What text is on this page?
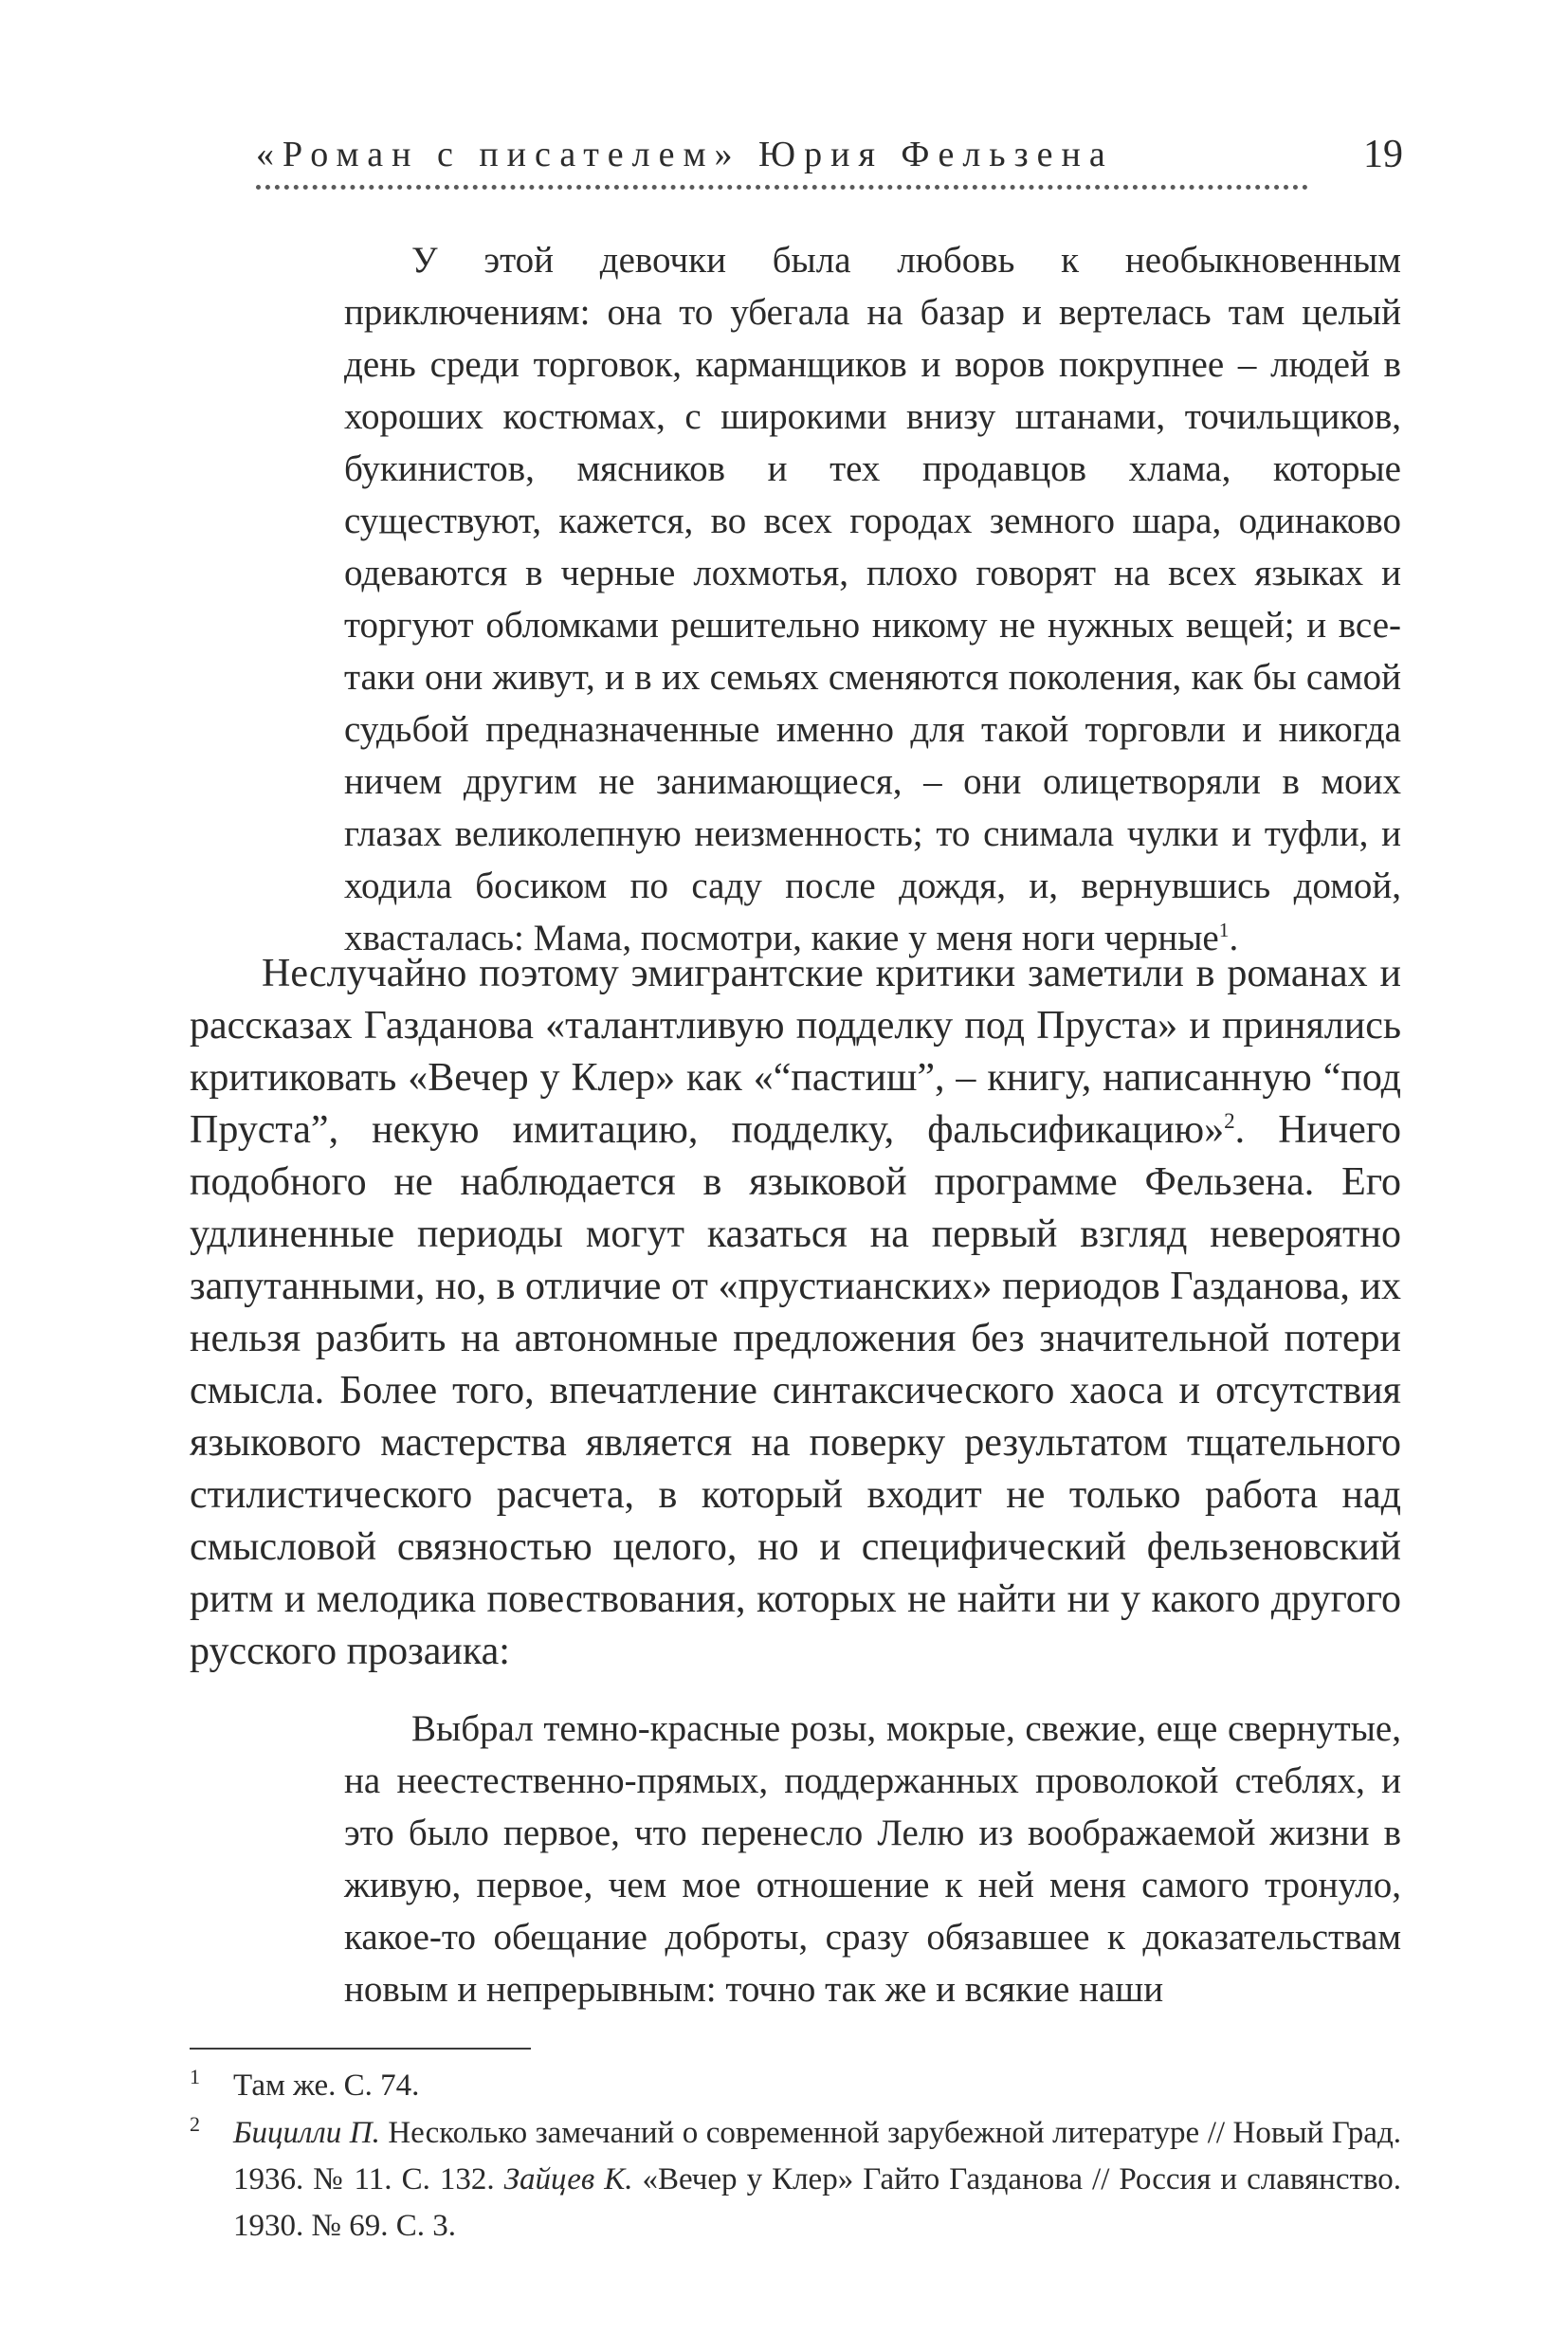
«Роман с писателем» Юрия Фельзена	19

У этой девочки была любовь к необыкновенным приключениям: она то убегала на базар и вертелась там целый день среди торговок, карманщиков и воров покрупнее – людей в хороших костюмах, с широкими внизу штанами, точильщиков, букинистов, мясников и тех продавцов хлама, которые существуют, кажется, во всех городах земного шара, одинаково одеваются в черные лохмотья, плохо говорят на всех языках и торгуют обломками решительно никому не нужных вещей; и все-таки они живут, и в их семьях сменяются поколения, как бы самой судьбой предназначенные именно для такой торговли и никогда ничем другим не занимающиеся, – они олицетворяли в моих глазах великолепную неизменность; то снимала чулки и туфли, и ходила босиком по саду после дождя, и, вернувшись домой, хвасталась: Мама, посмотри, какие у меня ноги черные$^1$.

Неслучайно поэтому эмигрантские критики заметили в романах и рассказах Газданова «талантливую подделку под Пруста» и принялись критиковать «Вечер у Клер» как «“пастиш”, – книгу, написанную “под Пруста”, некую имитацию, подделку, фальсификацию»$^2$. Ничего подобного не наблюдается в языковой программе Фельзена. Его удлиненные периоды могут казаться на первый взгляд невероятно запутанными, но, в отличие от «прустианских» периодов Газданова, их нельзя разбить на автономные предложения без значительной потери смысла. Более того, впечатление синтаксического хаоса и отсутствия языкового мастерства является на поверку результатом тщательного стилистического расчета, в который входит не только работа над смысловой связностью целого, но и специфический фельзеновский ритм и мелодика повествования, которых не найти ни у какого другого русского прозаика:

Выбрал темно-красные розы, мокрые, свежие, еще свернутые, на неестественно-прямых, поддержанных проволокой стеблях, и это было первое, что перенесло Лелю из воображаемой жизни в живую, первое, чем мое отношение к ней меня самого тронуло, какое-то обещание доброты, сразу обязавшее к доказательствам новым и непрерывным: точно так же и всякие наши

1 Там же. С. 74.
2 Бицилли П. Несколько замечаний о современной зарубежной литературе // Новый Град. 1936. № 11. С. 132. Зайцев К. «Вечер у Клер» Гайто Газданова // Россия и славянство. 1930. № 69. С. 3.
